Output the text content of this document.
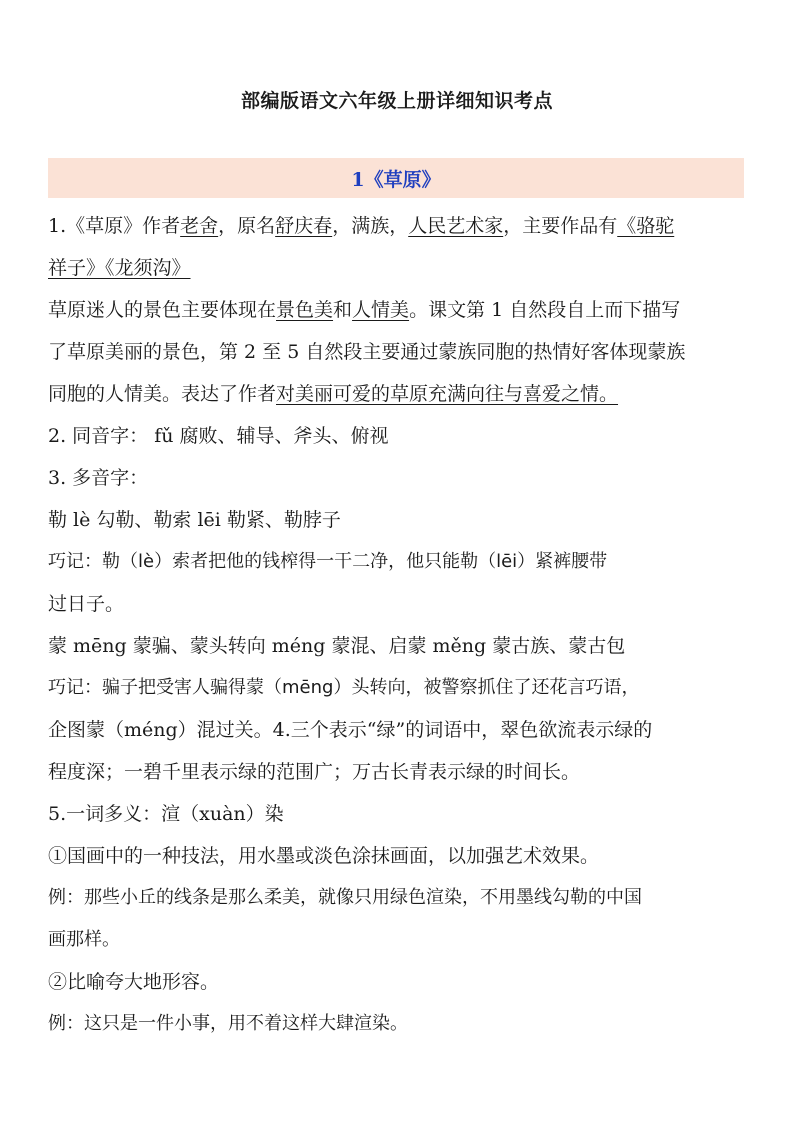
部编版语文六年级上册详细知识考点
1《草原》
1.《草原》作者老舍，原名舒庆春，满族，人民艺术家，主要作品有《骆驼
祥子》《龙须沟》
草原迷人的景色主要体现在景色美和人情美。课文第 1 自然段自上而下描写
了草原美丽的景色，第 2 至 5 自然段主要通过蒙族同胞的热情好客体现蒙族
同胞的人情美。表达了作者对美丽可爱的草原充满向往与喜爱之情。
2. 同音字： fǔ 腐败、辅导、斧头、俯视
3. 多音字：
勒 lè 勾勒、勒索 lēi 勒紧、勒脖子
巧记：勒（lè）索者把他的钱榨得一干二净，他只能勒（lēi）紧裤腰带
过日子。
蒙 mēng 蒙骗、蒙头转向 méng 蒙混、启蒙 měng 蒙古族、蒙古包
巧记：骗子把受害人骗得蒙（mēng）头转向，被警察抓住了还花言巧语，
企图蒙（méng）混过关。4.三个表示“绿”的词语中，翠色欲流表示绿的
程度深；一碧千里表示绿的范围广；万古长青表示绿的时间长。
5.一词多义：渲（xuàn）染
①国画中的一种技法，用水墨或淡色涂抹画面，以加强艺术效果。
例：那些小丘的线条是那么柔美，就像只用绿色渲染，不用墨线勾勒的中国
画那样。
②比喻夸大地形容。
例：这只是一件小事，用不着这样大肆渲染。
